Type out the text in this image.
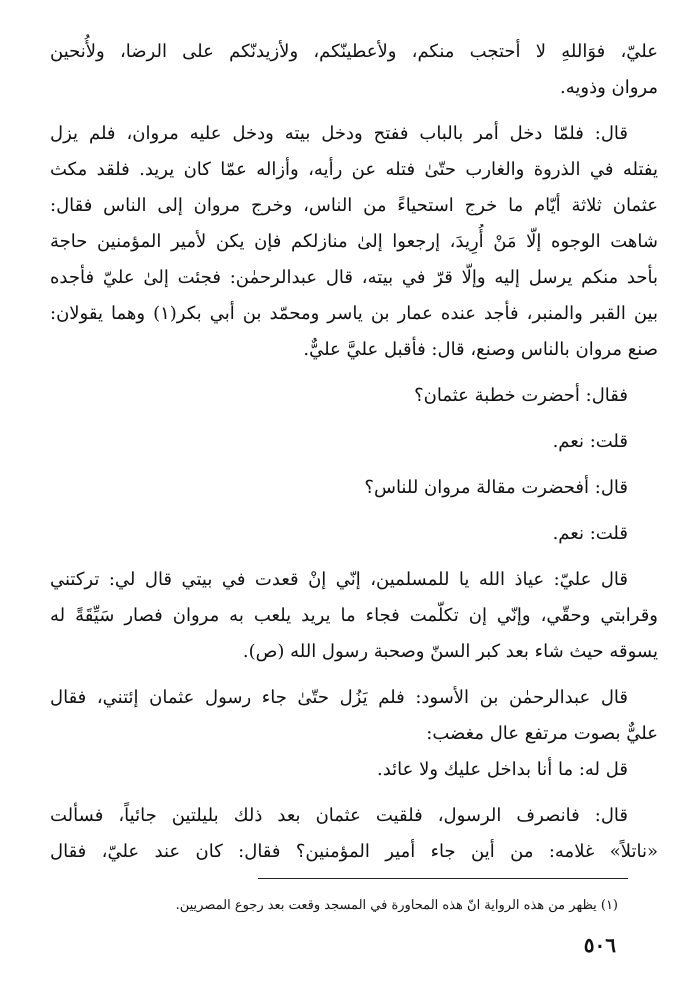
عليّ، فوَاللهِ لا أحتجب منكم، ولأعطينّكم، ولأزيدنّكم على الرضا، ولأُنحين
مروان وذويه.
قال: فلمّا دخل أمر بالباب ففتح ودخل بيته ودخل عليه مروان، فلم يزل
يفتله في الذروة والغارب حتّىٰ فتله عن رأيه، وأزاله عمّا كان يريد. فلقد مكث
عثمان ثلاثة أيّام ما خرج استحياءً من الناس، وخرج مروان إلى الناس فقال:
شاهت الوجوه إلّا مَنْ أُرِيدَ، إرجعوا إلىٰ منازلكم فإن يكن لأمير المؤمنين حاجة
بأحد منكم يرسل إليه وإلّا قرّ في بيته، قال عبدالرحمٰن: فجئت إلىٰ عليّ فأجده
بين القبر والمنبر، فأجد عنده عمار بن ياسر ومحمّد بن أبي بكر(١) وهما يقولان:
صنع مروان بالناس وصنع، قال: فأقبل عليَّ عليٌّ.
فقال: أحضرت خطبة عثمان؟
قلت: نعم.
قال: أفحضرت مقالة مروان للناس؟
قلت: نعم.
قال عليّ: عياذ الله يا للمسلمين، إنّي إنْ قعدت في بيتي قال لي: تركتني
وقرابتي وحقّي، وإنّي إن تكلّمت فجاء ما يريد يلعب به مروان فصار سَيِّقَةً له
يسوقه حيث شاء بعد كبر السنّ وصحبة رسول الله (ص).
قال عبدالرحمٰن بن الأسود: فلم يَزُل حتّىٰ جاء رسول عثمان إئتني، فقال
عليٌّ بصوت مرتفع عال مغضب:
قل له: ما أنا بداخل عليك ولا عائد.
قال: فانصرف الرسول، فلقيت عثمان بعد ذلك بليلتين جائياً، فسألت
«ناتلاً» غلامه: من أين جاء أمير المؤمنين؟ فقال: كان عند عليّ، فقال
(١) يظهر من هذه الرواية انّ هذه المحاورة في المسجد وقعت بعد رجوع المصريين.
٥٠٦
